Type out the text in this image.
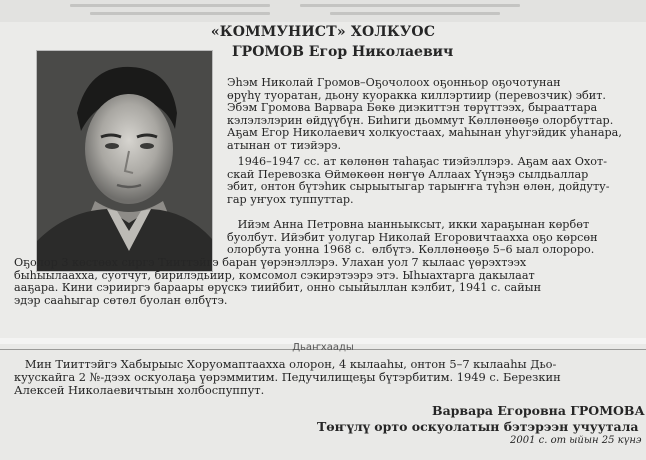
«КОММУНИСТ» ХОЛКУОС
ГРОМОВ Егор Николаевич
Эһэм Николай Громов–Оҕочолоох оҕонньор оҕочотунан
өрүһү туоратан, дьону куоракка киллэртиир (перевозчик) эбит.
Эбэм Громова Варвара Бөкө диэкиттэн төрүттээх, бырааттара
кэлэлэлэрин өйдүүбүн. Биһиги дьоммут Көллөнөөҕө олорбуттар.
Аҕам Егор Николаевич холкуостаах, маһынан уһугэйдик уһанара,
атынан от тиэйэрэ.
1946–1947 сс. ат көлөнөн таһаҕас тиэйэллэрэ. Аҕам аах Охот-
скай Перевозка Өймөкөөн нөҥүө Аллаах Үүнэҕэ сылдьаллар
эбит, онтон бүтэһик сырыытыгар тарыҥҥа түһэн өлөн, дойдуту-
гар уҥуох туппуттар.
Ийэм Анна Петровна ыанньыксыт, икки хараҕынан көрбөт
буолбут. Ийэбит уолугар Николай Егоровичтаахха оҕо көрсөн
олорбута уонна 1968 с.  өлбүтэ. Көллөнөөҕө 5–6 ыал олороро.
Оҕолор 3 көстөөх сиргэ Тииттэйгэ баран үөрэнэллэрэ. Улахан уол 7 кылаас үөрэхтээх
быһыылаахха, суотчут, бирилэдьиир, комсомол сэкирэтээрэ этэ. Ыһыахтарга дакылаат
ааҕара. Кини сэрииргэ бараары өрүскэ тиийбит, онно сыыйыллан кэлбит, 1941 с. сайын
эдэр сааһыгар сөтөл буолан өлбүтэ.
Дьаҥхаады
Мин Тииттэйгэ Хабырыыс Хоруомаптаахха олорон, 4 кылааһы, онтон 5–7 кылааһы Дьо-
куускайга 2 №-дээх оскуолаҕа үөрэммитим. Педучилищеҕы бүтэрбитим. 1949 с. Березкин
Алексей Николаевичтыын холбоспуппут.
Варвара Егоровна ГРОМОВА
Төҥүлү орто оскуолатын бэтэрээн учуутала
2001 с. от ыйын 25 күнэ
